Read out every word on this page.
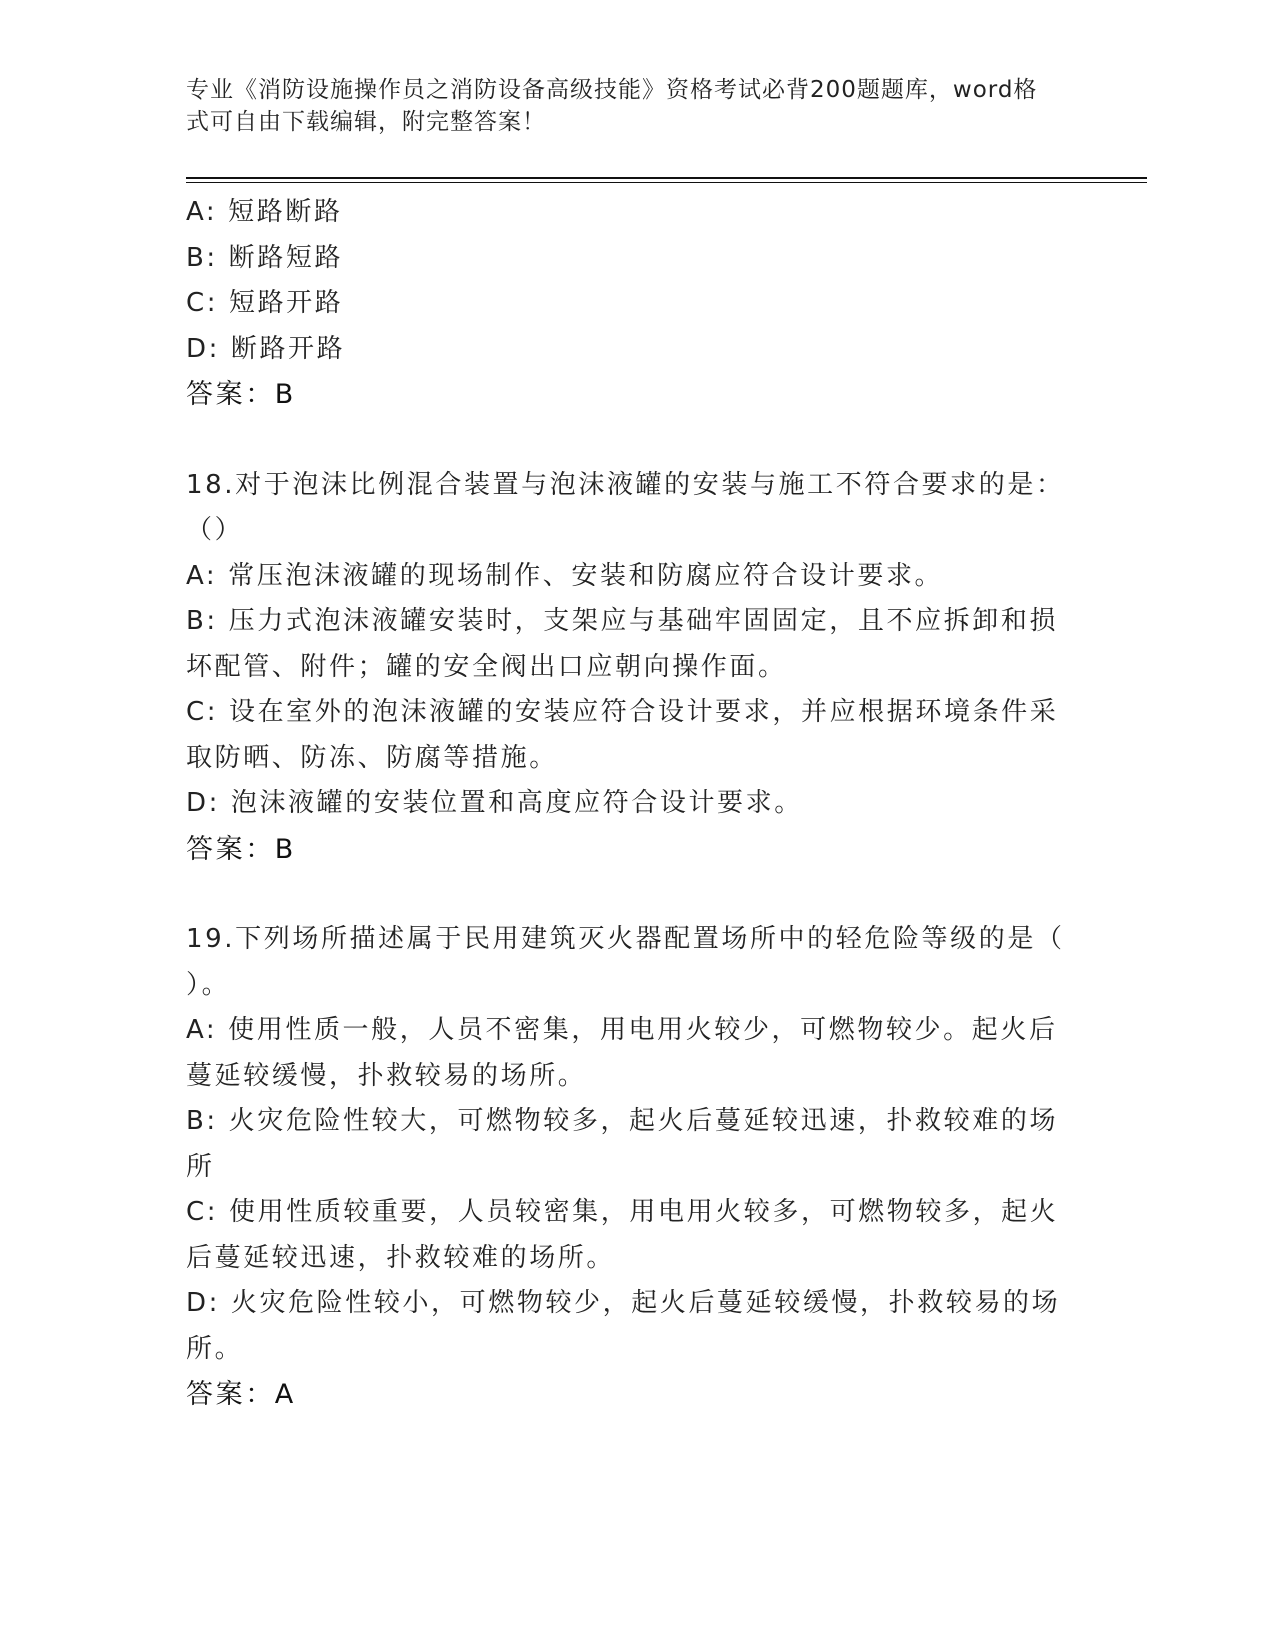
专业《消防设施操作员之消防设备高级技能》资格考试必背200题题库，word格
式可自由下载编辑，附完整答案！
A: 短路断路
B: 断路短路
C: 短路开路
D: 断路开路
答案：B
18.对于泡沫比例混合装置与泡沫液罐的安装与施工不符合要求的是：
（）
A: 常压泡沫液罐的现场制作、安装和防腐应符合设计要求。
B: 压力式泡沫液罐安装时，支架应与基础牢固固定，且不应拆卸和损
坏配管、附件；罐的安全阀出口应朝向操作面。
C: 设在室外的泡沫液罐的安装应符合设计要求，并应根据环境条件采
取防晒、防冻、防腐等措施。
D: 泡沫液罐的安装位置和高度应符合设计要求。
答案：B
19.下列场所描述属于民用建筑灭火器配置场所中的轻危险等级的是（
）。
A: 使用性质一般，人员不密集，用电用火较少，可燃物较少。起火后
蔓延较缓慢，扑救较易的场所。
B: 火灾危险性较大，可燃物较多，起火后蔓延较迅速，扑救较难的场
所
C: 使用性质较重要，人员较密集，用电用火较多，可燃物较多，起火
后蔓延较迅速，扑救较难的场所。
D: 火灾危险性较小，可燃物较少，起火后蔓延较缓慢，扑救较易的场
所。
答案：A
